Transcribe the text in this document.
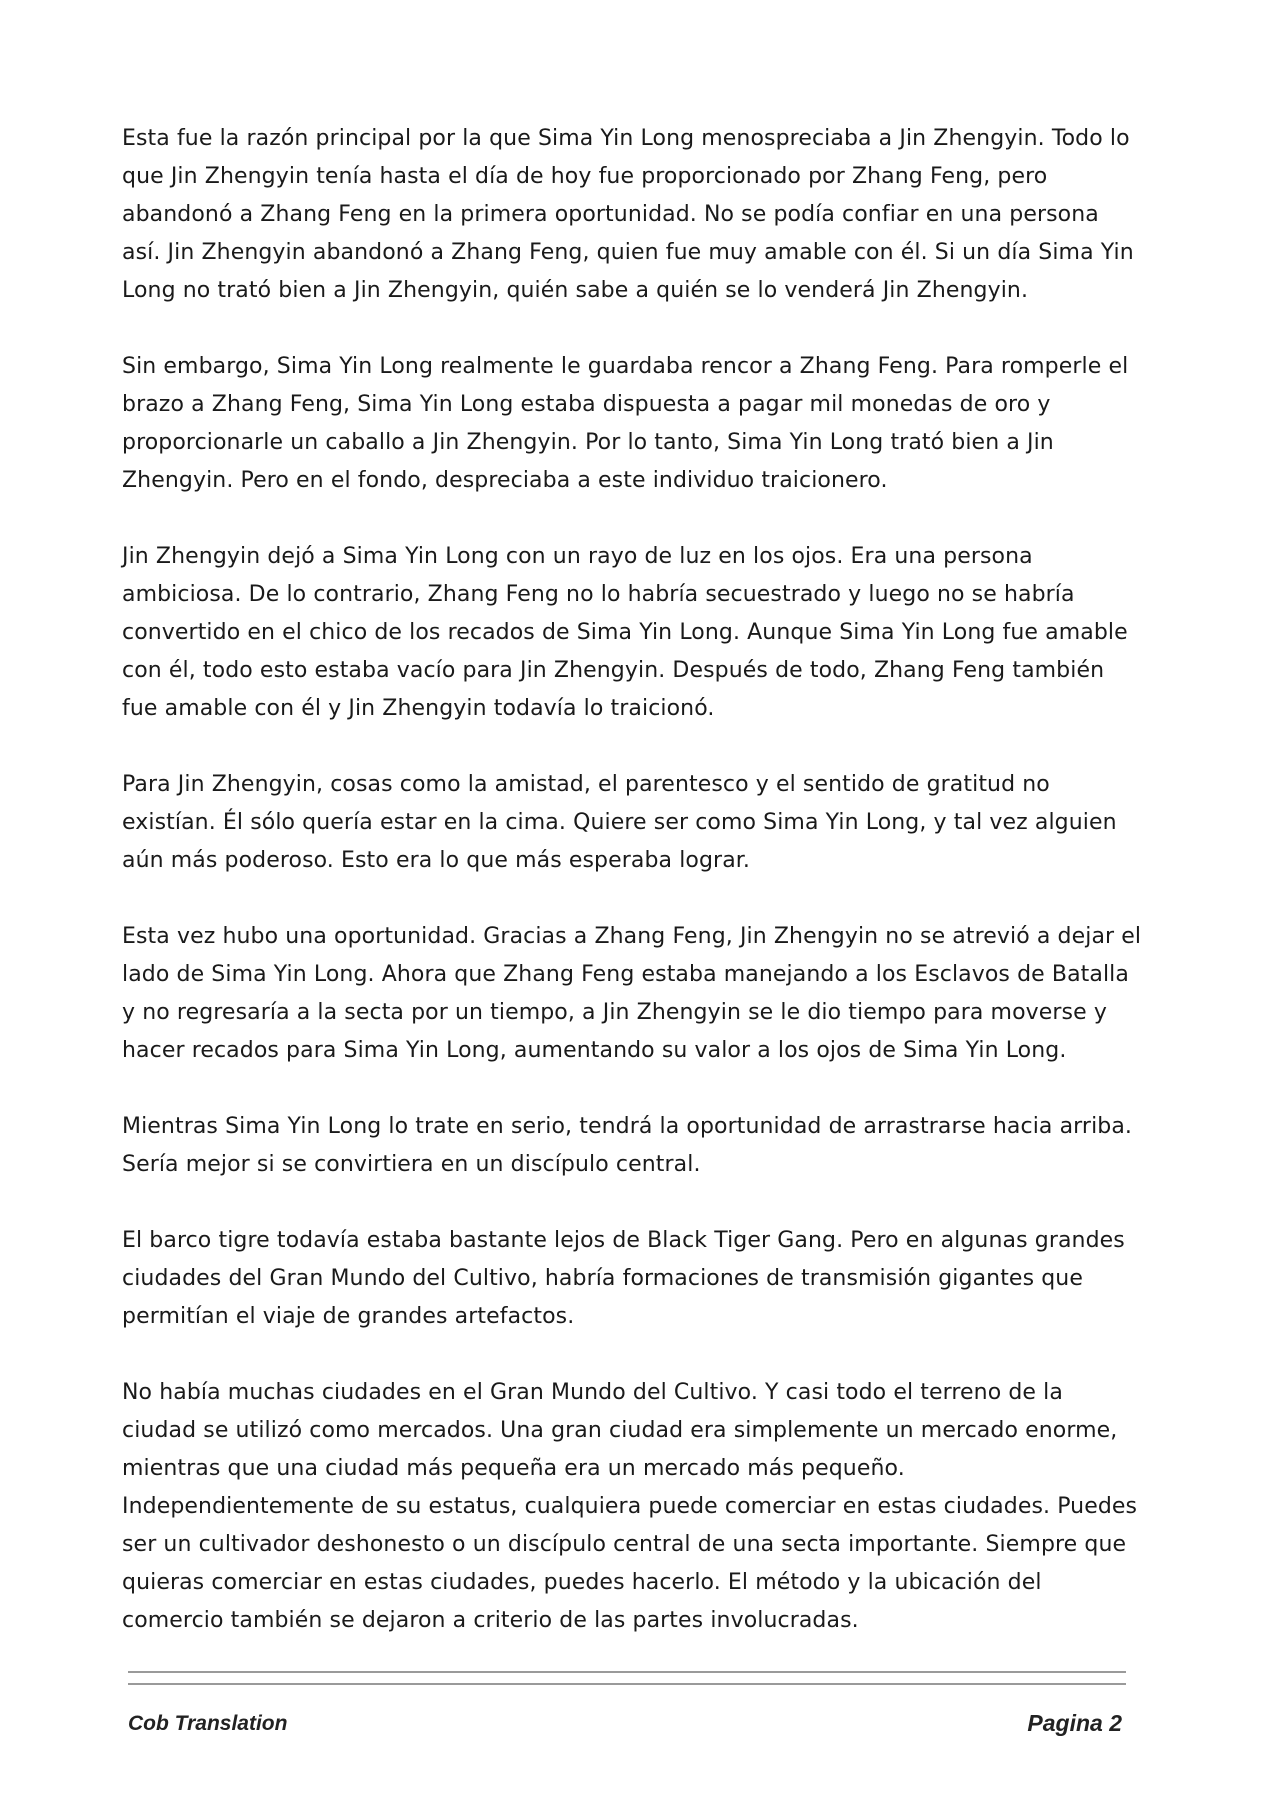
Esta fue la razón principal por la que Sima Yin Long menospreciaba a Jin Zhengyin. Todo lo que Jin Zhengyin tenía hasta el día de hoy fue proporcionado por Zhang Feng, pero abandonó a Zhang Feng en la primera oportunidad. No se podía confiar en una persona así. Jin Zhengyin abandonó a Zhang Feng, quien fue muy amable con él. Si un día Sima Yin Long no trató bien a Jin Zhengyin, quién sabe a quién se lo venderá Jin Zhengyin.

Sin embargo, Sima Yin Long realmente le guardaba rencor a Zhang Feng. Para romperle el brazo a Zhang Feng, Sima Yin Long estaba dispuesta a pagar mil monedas de oro y proporcionarle un caballo a Jin Zhengyin. Por lo tanto, Sima Yin Long trató bien a Jin Zhengyin. Pero en el fondo, despreciaba a este individuo traicionero.

Jin Zhengyin dejó a Sima Yin Long con un rayo de luz en los ojos. Era una persona ambiciosa. De lo contrario, Zhang Feng no lo habría secuestrado y luego no se habría convertido en el chico de los recados de Sima Yin Long. Aunque Sima Yin Long fue amable con él, todo esto estaba vacío para Jin Zhengyin. Después de todo, Zhang Feng también fue amable con él y Jin Zhengyin todavía lo traicionó.

Para Jin Zhengyin, cosas como la amistad, el parentesco y el sentido de gratitud no existían. Él sólo quería estar en la cima. Quiere ser como Sima Yin Long, y tal vez alguien aún más poderoso. Esto era lo que más esperaba lograr.

Esta vez hubo una oportunidad. Gracias a Zhang Feng, Jin Zhengyin no se atrevió a dejar el lado de Sima Yin Long. Ahora que Zhang Feng estaba manejando a los Esclavos de Batalla y no regresaría a la secta por un tiempo, a Jin Zhengyin se le dio tiempo para moverse y hacer recados para Sima Yin Long, aumentando su valor a los ojos de Sima Yin Long.

Mientras Sima Yin Long lo trate en serio, tendrá la oportunidad de arrastrarse hacia arriba. Sería mejor si se convirtiera en un discípulo central.

El barco tigre todavía estaba bastante lejos de Black Tiger Gang. Pero en algunas grandes ciudades del Gran Mundo del Cultivo, habría formaciones de transmisión gigantes que permitían el viaje de grandes artefactos.

No había muchas ciudades en el Gran Mundo del Cultivo. Y casi todo el terreno de la ciudad se utilizó como mercados. Una gran ciudad era simplemente un mercado enorme, mientras que una ciudad más pequeña era un mercado más pequeño. Independientemente de su estatus, cualquiera puede comerciar en estas ciudades. Puedes ser un cultivador deshonesto o un discípulo central de una secta importante. Siempre que quieras comerciar en estas ciudades, puedes hacerlo. El método y la ubicación del comercio también se dejaron a criterio de las partes involucradas.

Cob Translation	Pagina 2
